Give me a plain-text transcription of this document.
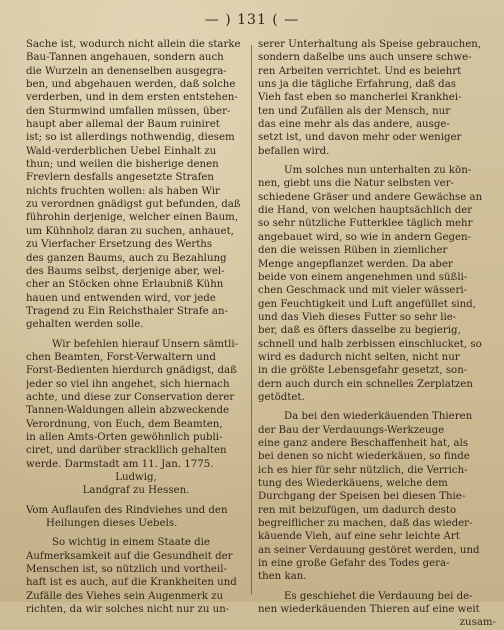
— ) 131 ( —
Sache ist, wodurch nicht allein die starke
Bau-Tannen angehauen, sondern auch
die Wurzeln an denenselben ausgegra-
ben, und abgehauen werden, daß solche
verderben, und in dem ersten entstehen-
den Sturmwind umfallen müssen, über-
haupt aber allemal der Baum ruiniret
ist; so ist allerdings nothwendig, diesem
Wald-verderblichen Uebel Einhalt zu
thun; und weilen die bisherige denen
Frevlern desfalls angesetzte Strafen
nichts fruchten wollen: als haben Wir
zu verordnen gnädigst gut befunden, daß
führohin derjenige, welcher einen Baum,
um Kühnholz daran zu suchen, anhauet,
zu Vierfacher Ersetzung des Werths
des ganzen Baums, auch zu Bezahlung
des Baums selbst, derjenige aber, wel-
cher an Stöcken ohne Erlaubniß Kühn
hauen und entwenden wird, vor jede
Tragend zu Ein Reichsthaler Strafe an-
gehalten werden solle.
Wir befehlen hierauf Unsern sämtli-
chen Beamten, Forst-Verwaltern und
Forst-Bedienten hierdurch gnädigst, daß
jeder so viel ihn angehet, sich hiernach
achte, und diese zur Conservation derer
Tannen-Waldungen allein abzweckende
Verordnung, von Euch, dem Beamten,
in allen Amts-Orten gewöhnlich publi-
ciret, und darüber strackllich gehalten
werde. Darmstadt am 11. Jan. 1775.
Ludwig,
Landgraf zu Hessen.
Vom Auflaufen des Rindviehes und den
Heilungen dieses Uebels.
So wichtig in einem Staate die
Aufmerksamkeit auf die Gesundheit der
Menschen ist, so nützlich und vortheil-
haft ist es auch, auf die Krankheiten und
Zufälle des Viehes sein Augenmerk zu
richten, da wir solches nicht nur zu un-
serer Unterhaltung als Speise gebrauchen,
sondern daßelbe uns auch unsere schwe-
ren Arbeiten verrichtet. Und es beiehrt
uns ja die tägliche Erfahrung, daß das
Vieh fast eben so mancherlei Krankhei-
ten und Zufällen als der Mensch, nur
das eine mehr als das andere, ausge-
setzt ist, und davon mehr oder weniger
befallen wird.
Um solches nun unterhalten zu kön-
nen, giebt uns die Natur selbsten ver-
schiedene Gräser und andere Gewächse an
die Hand, von welchen hauptsächlich der
so sehr nützliche Futterklee täglich mehr
angebauet wird, so wie in andern Gegen-
den die weissen Rüben in ziemlicher
Menge angepflanzet werden. Da aber
beide von einem angenehmen und süßli-
chen Geschmack und mit vieler wässeri-
gen Feuchtigkeit und Luft angefüllet sind,
und das Vieh dieses Futter so sehr lie-
ber, daß es öfters dasselbe zu begierig,
schnell und halb zerbissen einschlucket, so
wird es dadurch nicht selten, nicht nur
in die größte Lebensgefahr gesetzt, son-
dern auch durch ein schnelles Zerplatzen
getödtet.
Da bei den wiederkäuenden Thieren
der Bau der Verdauungs-Werkzeuge
eine ganz andere Beschaffenheit hat, als
bei denen so nicht wiederkäuen, so finde
ich es hier für sehr nützlich, die Verrich-
tung des Wiederkäuens, welche dem
Durchgang der Speisen bei diesen Thie-
ren mit beizufügen, um dadurch desto
begreiflicher zu machen, daß das wieder-
käuende Vieh, auf eine sehr leichte Art
an seiner Verdauung gestöret werden, und
in eine große Gefahr des Todes gera-
then kan.
Es geschiehet die Verdauung bei de-
nen wiederkäuenden Thieren auf eine weit
zusam-
